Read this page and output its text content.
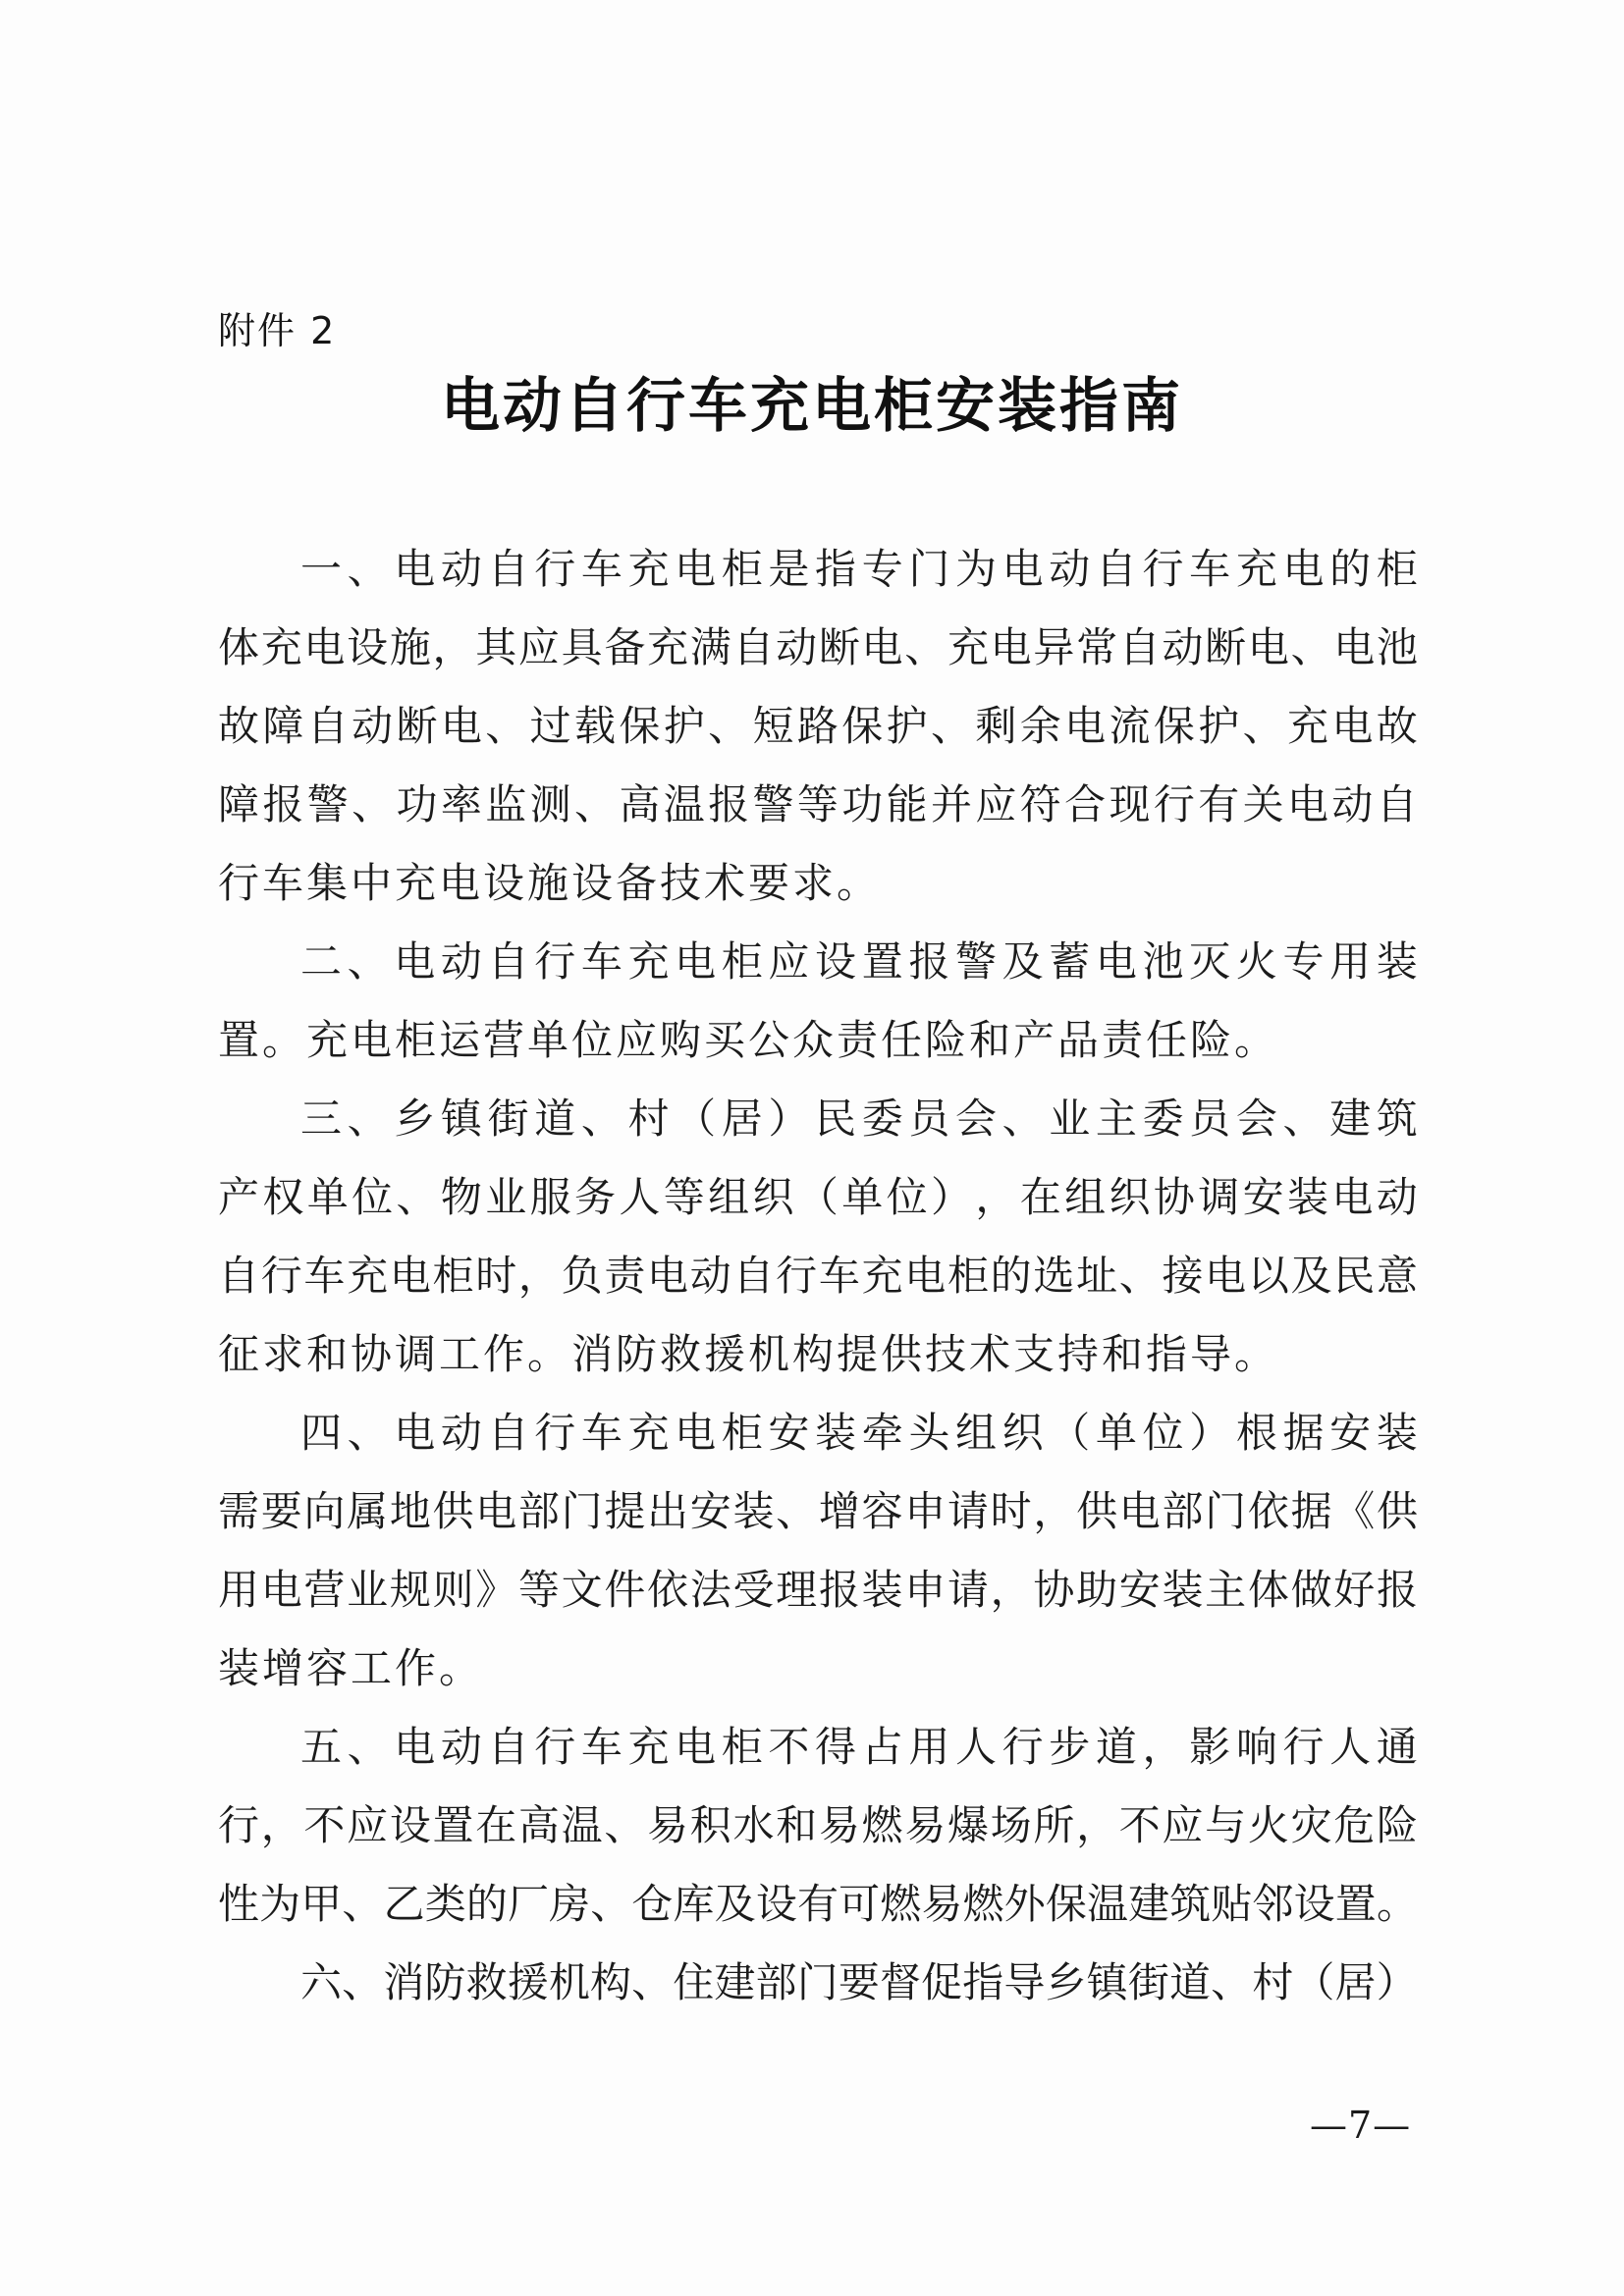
附件 2
电动自行车充电柜安装指南
一 、 电 动 自 行 车 充 电 柜 是 指 专 门 为 电 动 自 行 车 充 电 的 柜
体 充 电 设 施 ， 其 应 具 备 充 满 自 动 断 电 、 充 电 异 常 自 动 断 电 、 电 池
故 障 自 动 断 电 、 过 载 保 护 、 短 路 保 护 、 剩 余 电 流 保 护 、 充 电 故
障 报 警 、 功 率 监 测 、 高 温 报 警 等 功 能 并 应 符 合 现 行 有 关 电 动 自
行车集中充电设施设备技术要求。
二 、 电 动 自 行 车 充 电 柜 应 设 置 报 警 及 蓄 电 池 灭 火 专 用 装
置。充电柜运营单位应购买公众责任险和产品责任险。
三 、 乡 镇 街 道 、 村 （ 居 ） 民 委 员 会 、 业 主 委 员 会 、 建 筑
产 权 单 位 、 物 业 服 务 人 等 组 织 （ 单 位 ） ， 在 组 织 协 调 安 装 电 动
自 行 车 充 电 柜 时 ， 负 责 电 动 自 行 车 充 电 柜 的 选 址 、 接 电 以 及 民 意
征求和协调工作。消防救援机构提供技术支持和指导。
四 、 电 动 自 行 车 充 电 柜 安 装 牵 头 组 织 （ 单 位 ） 根 据 安 装
需 要 向 属 地 供 电 部 门 提 出 安 装 、 增 容 申 请 时 ， 供 电 部 门 依 据 《 供
用 电 营 业 规 则 》 等 文 件 依 法 受 理 报 装 申 请 ， 协 助 安 装 主 体 做 好 报
装增容工作。
五 、 电 动 自 行 车 充 电 柜 不 得 占 用 人 行 步 道 ， 影 响 行 人 通
行 ， 不 应 设 置 在 高 温 、 易 积 水 和 易 燃 易 爆 场 所 ， 不 应 与 火 灾 危 险
性 为 甲 、 乙 类 的 厂 房 、 仓 库 及 设 有 可 燃 易 燃 外 保 温 建 筑 贴 邻 设 置 。
六 、 消 防 救 援 机 构 、 住 建 部 门 要 督 促 指 导 乡 镇 街 道 、 村 （ 居 ）
—7—
